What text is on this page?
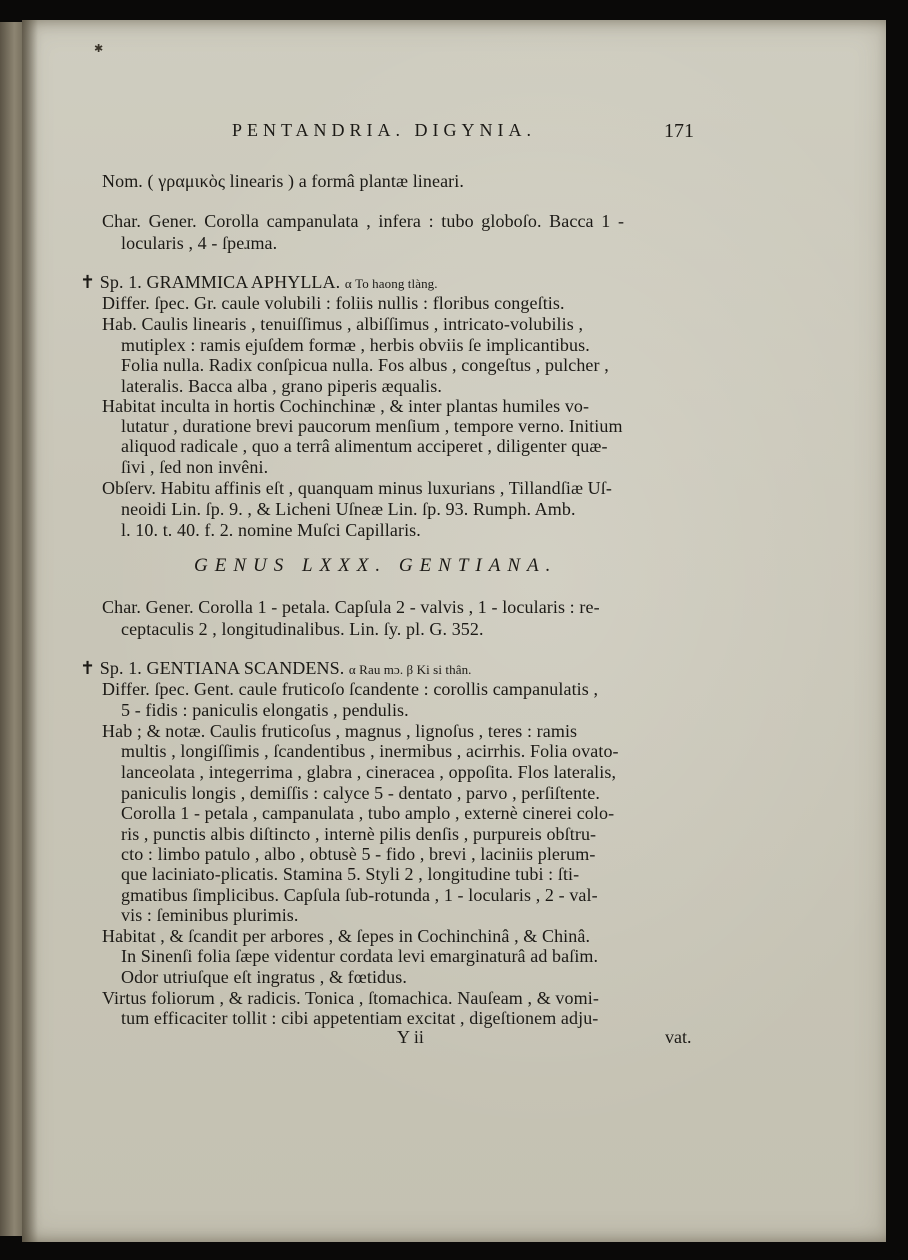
✱
PENTANDRIA. DIGYNIA.	171
Nom. ( γραμικὸς linearis ) a formâ plantæ lineari.
Char. Gener. Corolla campanulata , infera : tubo globoſo. Bacca 1 -
locularis , 4 - ſpeɹma.
✝ Sp. 1. GRAMMICA APHYLLA. α To haong tlàng.
Differ. ſpec. Gr. caule volubili : foliis nullis : floribus congeſtis.
Hab. Caulis linearis , tenuiſſimus , albiſſimus , intricato-volubilis ,
mutiplex : ramis ejuſdem formæ , herbis obviis ſe implicantibus.
Folia nulla. Radix conſpicua nulla. Fos albus , congeſtus , pulcher ,
lateralis. Bacca alba , grano piperis æqualis.
Habitat inculta in hortis Cochinchinæ , & inter plantas humiles vo-
lutatur , duratione brevi paucorum menſium , tempore verno. Initium
aliquod radicale , quo a terrâ alimentum acciperet , diligenter quæ-
ſivi , ſed non invêni.
Obſerv. Habitu affinis eſt , quanquam minus luxurians , Tillandſiæ Uſ-
neoidi Lin. ſp. 9. , & Licheni Uſneæ Lin. ſp. 93. Rumph. Amb.
l. 10. t. 40. f. 2. nomine Muſci Capillaris.
GENUS LXXX. GENTIANA.
Char. Gener. Corolla 1 - petala. Capſula 2 - valvis , 1 - locularis : re-
ceptaculis 2 , longitudinalibus. Lin. ſy. pl. G. 352.
✝ Sp. 1. GENTIANA SCANDENS. α Rau mɔ. β Ki si thân.
Differ. ſpec. Gent. caule fruticoſo ſcandente : corollis campanulatis ,
5 - fidis : paniculis elongatis , pendulis.
Hab ; & notæ. Caulis fruticoſus , magnus , lignoſus , teres : ramis
multis , longiſſimis , ſcandentibus , inermibus , acirrhis. Folia ovato-
lanceolata , integerrima , glabra , cineracea , oppoſita. Flos lateralis,
paniculis longis , demiſſis : calyce 5 - dentato , parvo , perſiſtente.
Corolla 1 - petala , campanulata , tubo amplo , externè cinerei colo-
ris , punctis albis diſtincto , internè pilis denſis , purpureis obſtru-
cto : limbo patulo , albo , obtusè 5 - fido , brevi , laciniis plerum-
que laciniato-plicatis. Stamina 5. Styli 2 , longitudine tubi : ſti-
gmatibus ſimplicibus. Capſula ſub-rotunda , 1 - locularis , 2 - val-
vis : ſeminibus plurimis.
Habitat , & ſcandit per arbores , & ſepes in Cochinchinâ , & Chinâ.
In Sinenſi folia ſæpe videntur cordata levi emarginaturâ ad baſim.
Odor utriuſque eſt ingratus , & fœtidus.
Virtus foliorum , & radicis. Tonica , ſtomachica. Nauſeam , & vomi-
tum efficaciter tollit : cibi appetentiam excitat , digeſtionem adju-
Y ii	vat.
